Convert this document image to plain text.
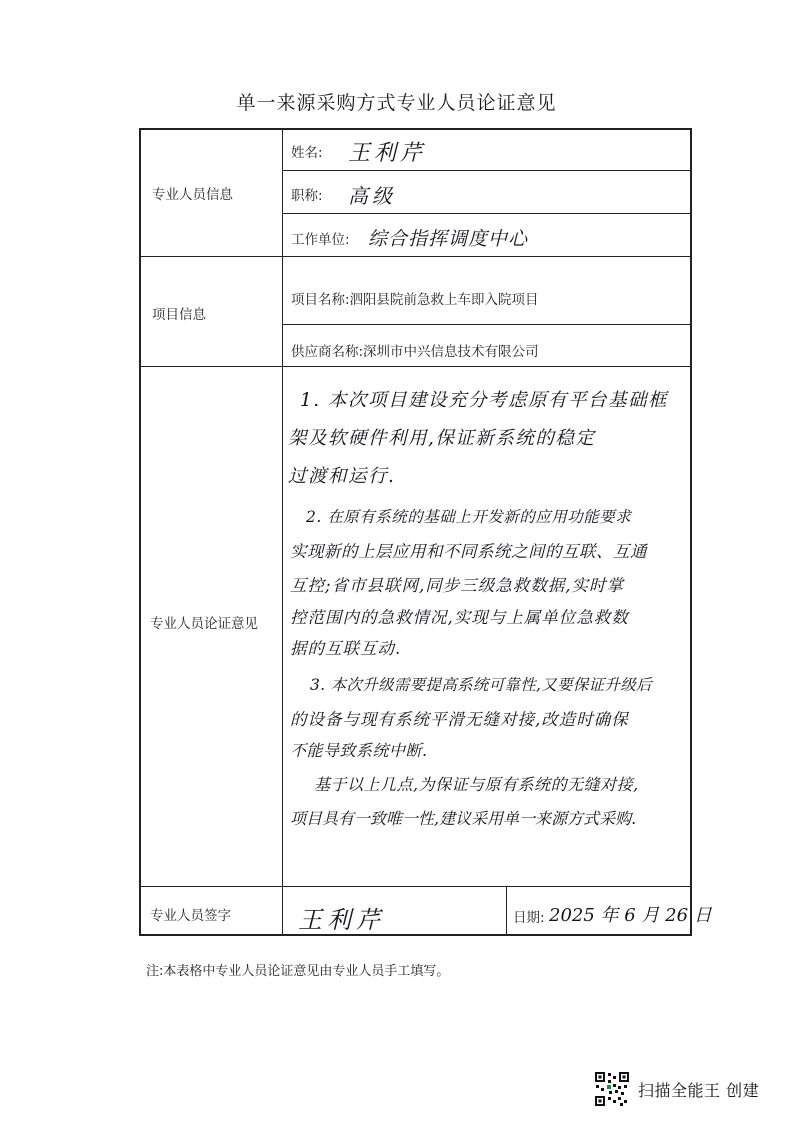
单一来源采购方式专业人员论证意见
专业人员信息
姓名: 王利芹
职称: 高级
工作单位: 综合指挥调度中心
项目信息
项目名称:泗阳县院前急救上车即入院项目
供应商名称:深圳市中兴信息技术有限公司
专业人员论证意见
1. 本次项目建设充分考虑原有平台基础框
架及软硬件利用,保证新系统的稳定
过渡和运行.
2. 在原有系统的基础上开发新的应用功能要求
实现新的上层应用和不同系统之间的互联、互通
互控;省市县联网,同步三级急救数据,实时掌
控范围内的急救情况,实现与上属单位急救数
据的互联互动.
3. 本次升级需要提高系统可靠性,又要保证升级后
的设备与现有系统平滑无缝对接,改造时确保
不能导致系统中断.
基于以上几点,为保证与原有系统的无缝对接,
项目具有一致唯一性,建议采用单一来源方式采购.
专业人员签字	王利芹	日期: 2025 年 6 月 26 日
注:本表格中专业人员论证意见由专业人员手工填写。
扫描全能王 创建
